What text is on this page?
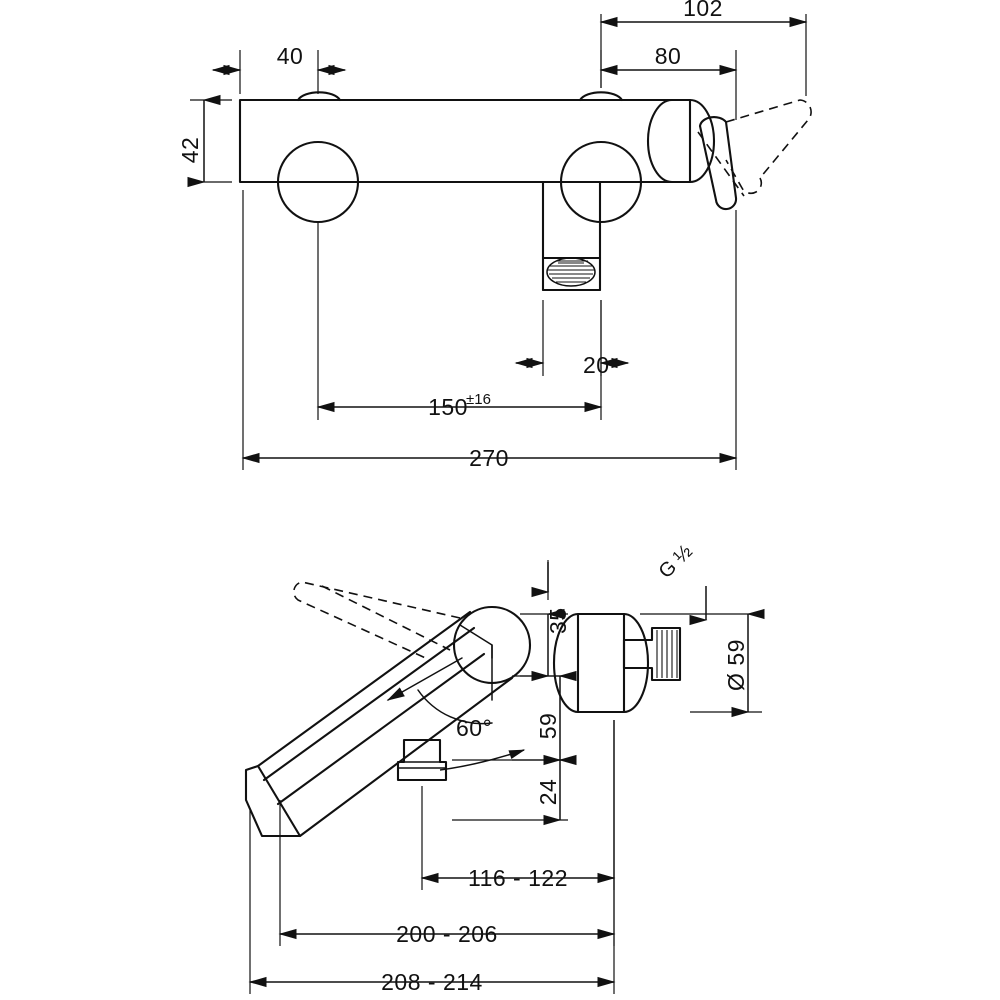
102
80
40
42
20
150
±16
270
G ½
35
59
24
Ø 59
60°
116 - 122
200 - 206
208 - 214
